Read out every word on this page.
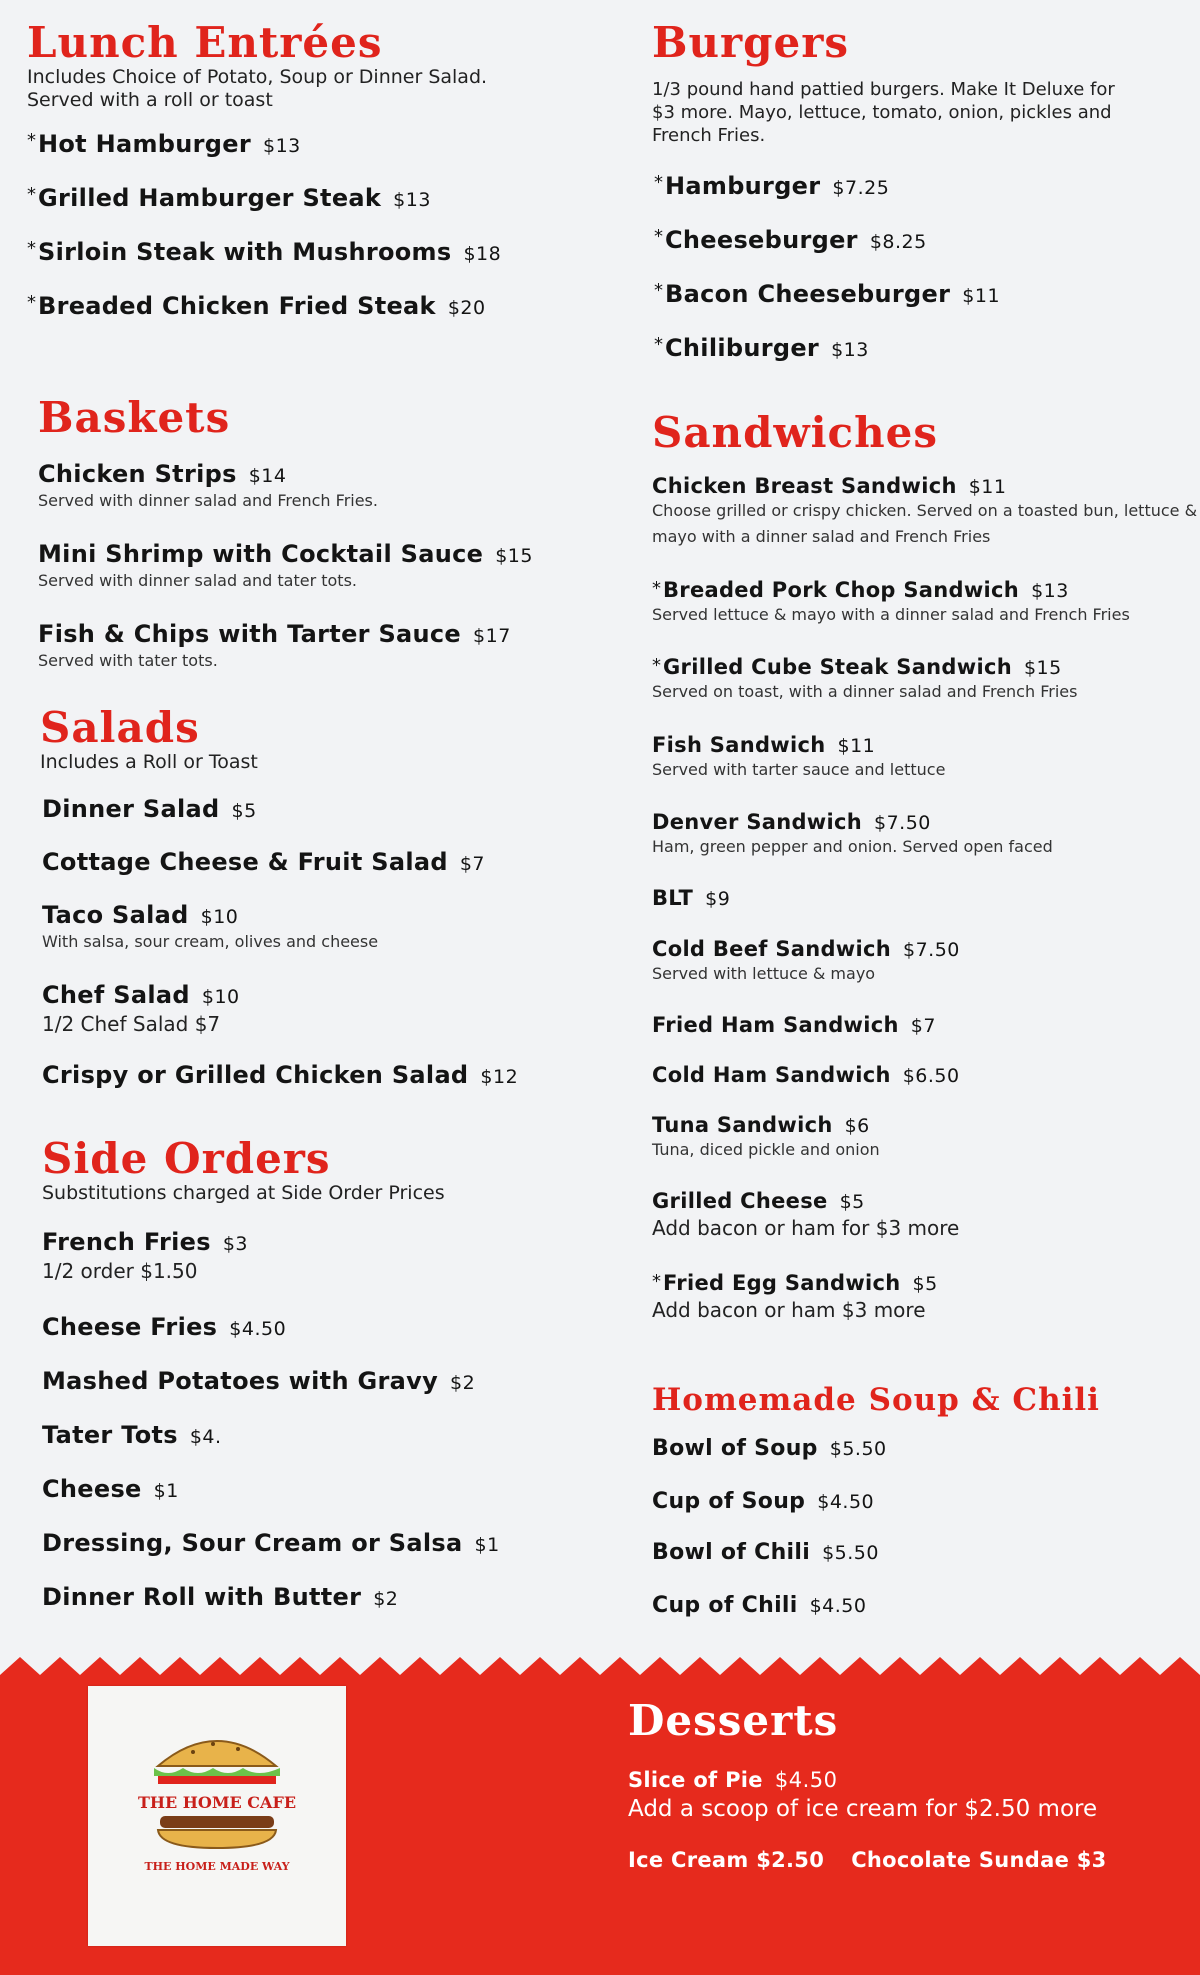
Lunch Entrées
Includes Choice of Potato, Soup or Dinner Salad.
Served with a roll or toast
*Hot Hamburger $13
*Grilled Hamburger Steak $13
*Sirloin Steak with Mushrooms $18
*Breaded Chicken Fried Steak $20
Baskets
Chicken Strips $14
Served with dinner salad and French Fries.
Mini Shrimp with Cocktail Sauce $15
Served with dinner salad and tater tots.
Fish & Chips with Tarter Sauce $17
Served with tater tots.
Salads
Includes a Roll or Toast
Dinner Salad $5
Cottage Cheese & Fruit Salad $7
Taco Salad $10
With salsa, sour cream, olives and cheese
Chef Salad $10
1/2 Chef Salad $7
Crispy or Grilled Chicken Salad $12
Side Orders
Substitutions charged at Side Order Prices
French Fries $3
1/2 order $1.50
Cheese Fries $4.50
Mashed Potatoes with Gravy $2
Tater Tots $4.
Cheese $1
Dressing, Sour Cream or Salsa $1
Dinner Roll with Butter $2
Burgers
1/3 pound hand pattied burgers. Make It Deluxe for
$3 more. Mayo, lettuce, tomato, onion, pickles and
French Fries.
*Hamburger $7.25
*Cheeseburger $8.25
*Bacon Cheeseburger $11
*Chiliburger $13
Sandwiches
Chicken Breast Sandwich $11
Choose grilled or crispy chicken. Served on a toasted bun, lettuce &
mayo with a dinner salad and French Fries
*Breaded Pork Chop Sandwich $13
Served lettuce & mayo with a dinner salad and French Fries
*Grilled Cube Steak Sandwich $15
Served on toast, with a dinner salad and French Fries
Fish Sandwich $11
Served with tarter sauce and lettuce
Denver Sandwich $7.50
Ham, green pepper and onion. Served open faced
BLT $9
Cold Beef Sandwich $7.50
Served with lettuce & mayo
Fried Ham Sandwich $7
Cold Ham Sandwich $6.50
Tuna Sandwich $6
Tuna, diced pickle and onion
Grilled Cheese $5
Add bacon or ham for $3 more
*Fried Egg Sandwich $5
Add bacon or ham $3 more
Homemade Soup & Chili
Bowl of Soup $5.50
Cup of Soup $4.50
Bowl of Chili $5.50
Cup of Chili $4.50
THE HOME CAFE
THE HOME MADE WAY
Desserts
Slice of Pie $4.50
Add a scoop of ice cream for $2.50 more
Ice Cream $2.50 Chocolate Sundae $3
